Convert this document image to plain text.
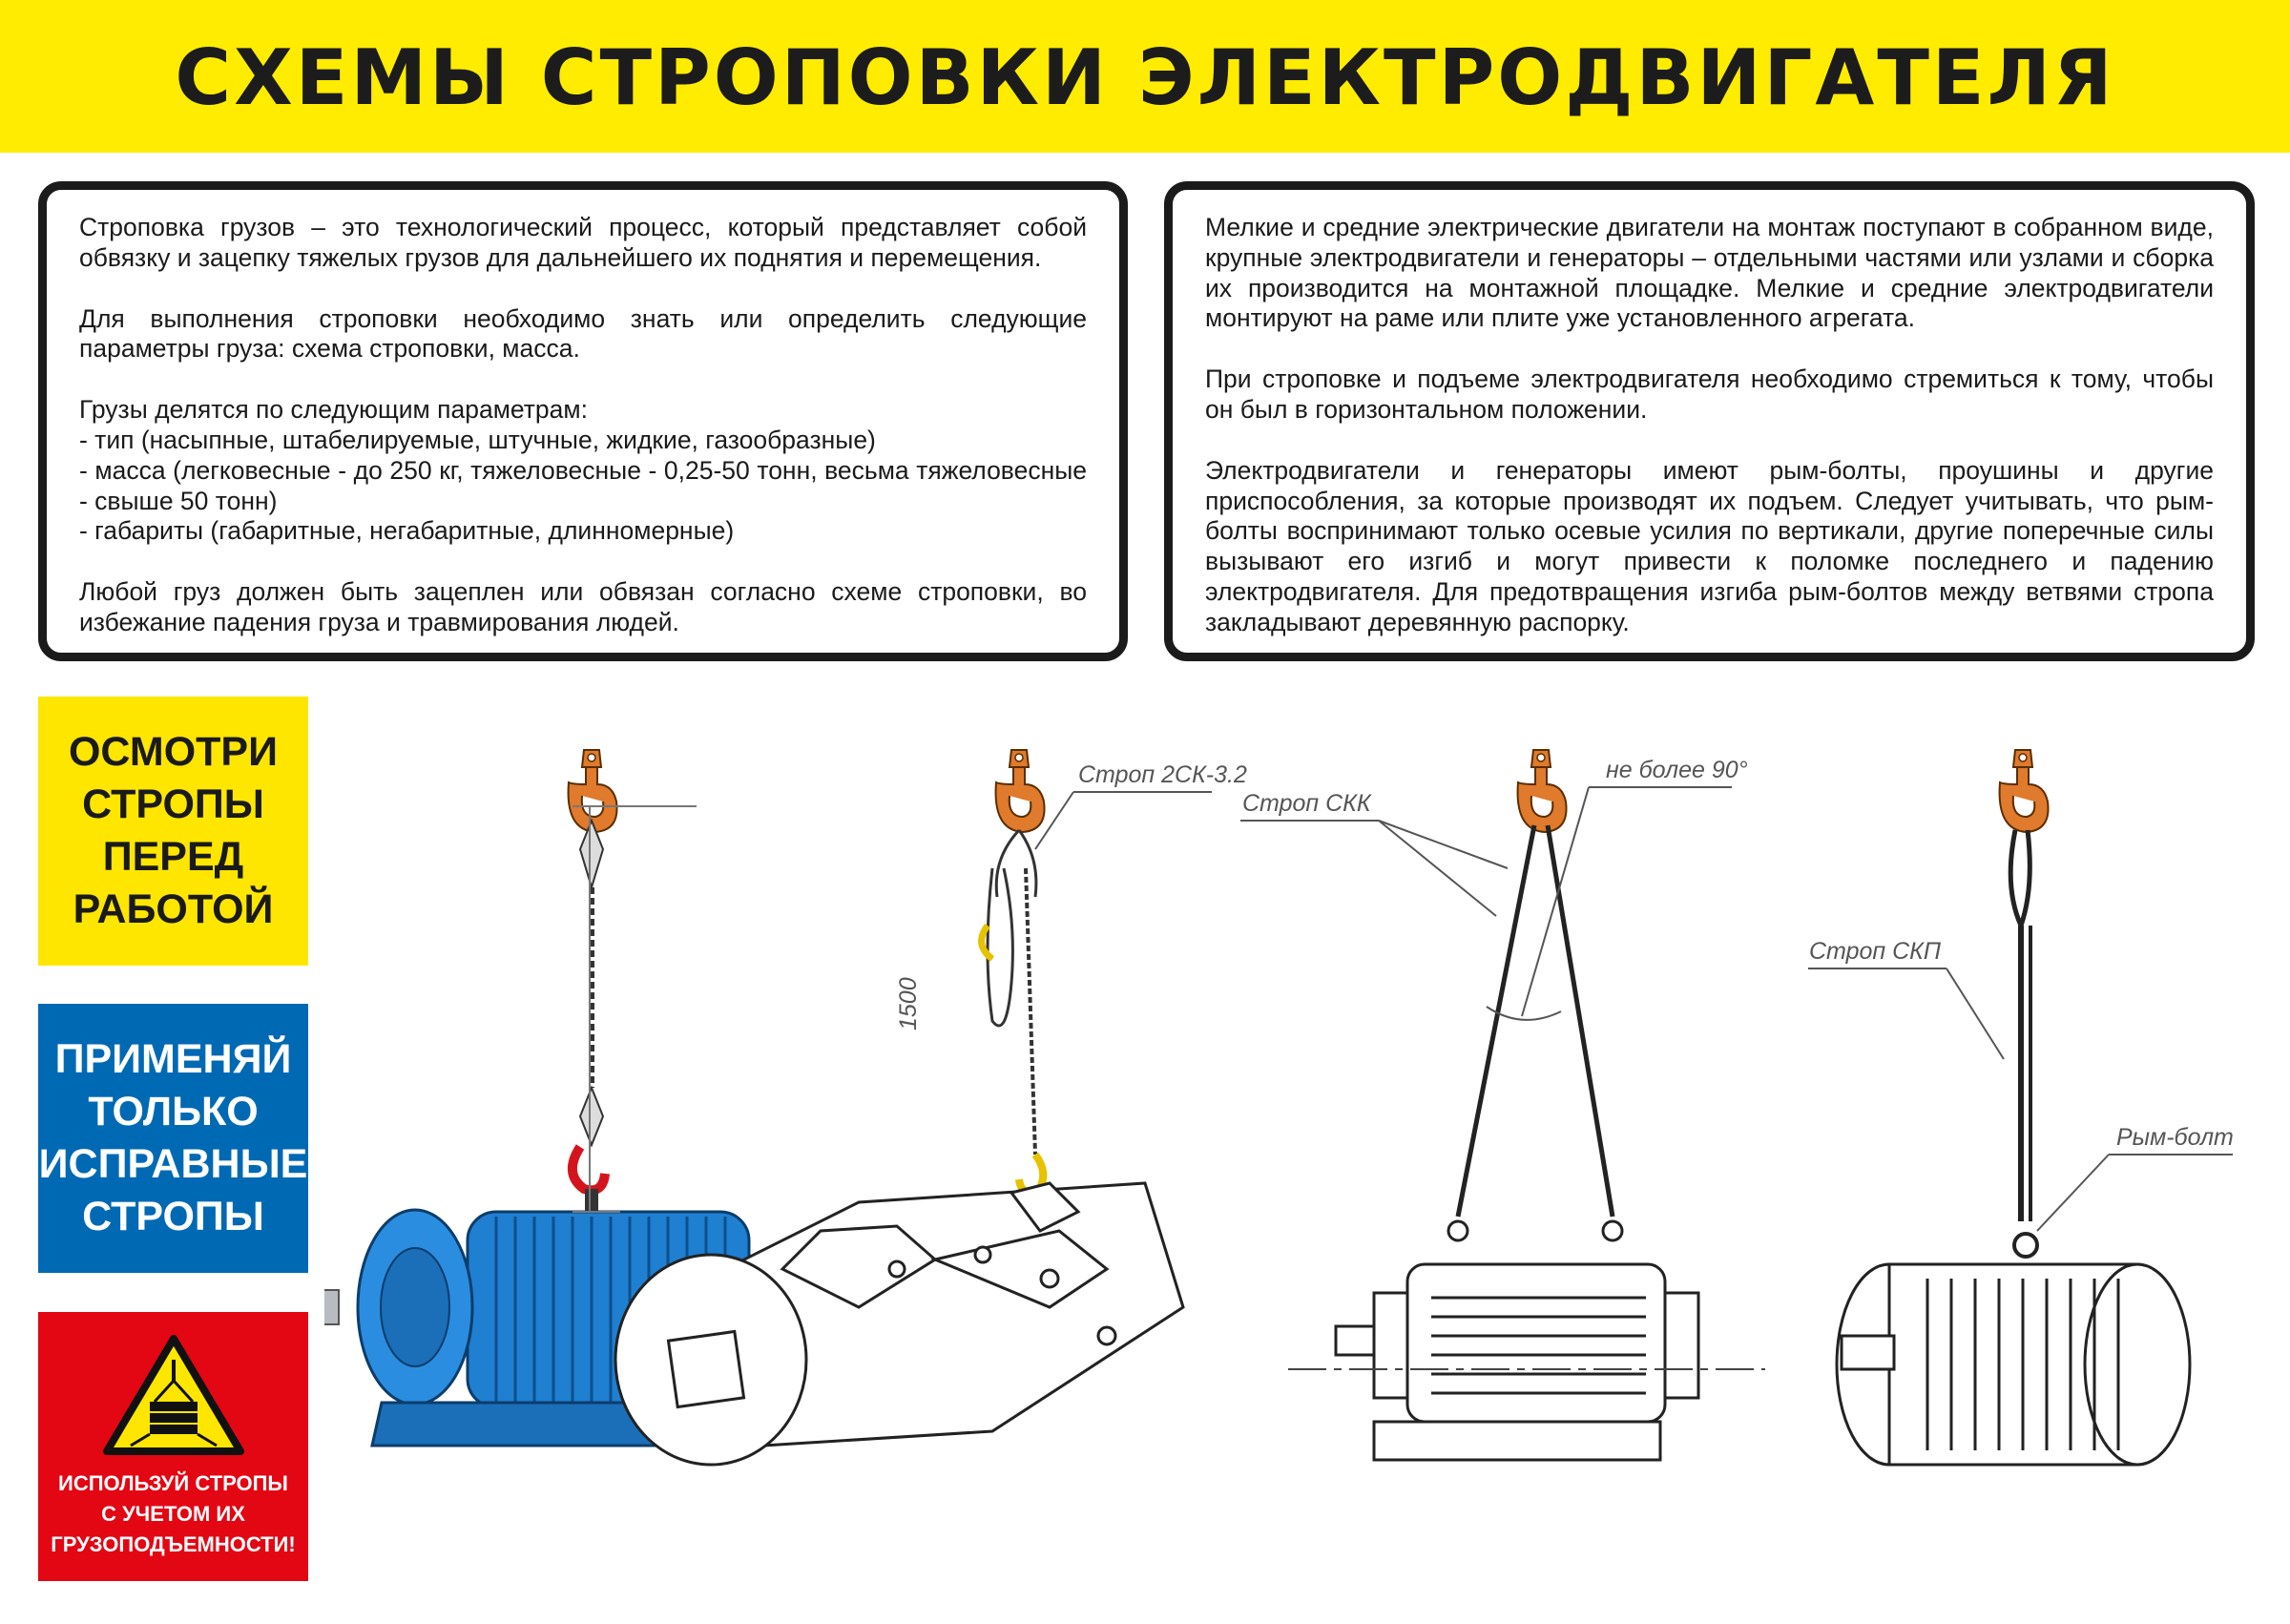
СХЕМЫ СТРОПОВКИ ЭЛЕКТРОДВИГАТЕЛЯ

Строповка грузов – это технологический процесс, который представляет собой обвязку и зацепку тяжелых грузов для дальнейшего их поднятия и перемещения.

Для выполнения строповки необходимо знать или определить следующие параметры груза: схема строповки, масса.

Грузы делятся по следующим параметрам:

- тип (насыпные, штабелируемые, штучные, жидкие, газообразные)

- масса (легковесные - до 250 кг, тяжеловесные - 0,25-50 тонн, весьма тяжеловесные - свыше 50 тонн)

- габариты (габаритные, негабаритные, длинномерные)

Любой груз должен быть зацеплен или обвязан согласно схеме строповки, во избежание падения груза и травмирования людей.

Мелкие и средние электрические двигатели на монтаж поступают в собранном виде, крупные электродвигатели и генераторы – отдельными частями или узлами и сборка их производится на монтажной площадке. Мелкие и средние электродвигатели монтируют на раме или плите уже установленного агрегата.

При строповке и подъеме электродвигателя необходимо стремиться к тому, чтобы он был в горизонтальном положении.

Электродвигатели и генераторы имеют рым-болты, проушины и другие приспособления, за которые производят их подъем. Следует учитывать, что рым-болты воспринимают только осевые усилия по вертикали, другие поперечные силы вызывают его изгиб и могут привести к поломке последнего и падению электродвигателя. Для предотвращения изгиба рым-болтов между ветвями стропа закладывают деревянную распорку.

ОСМОТРИ
СТРОПЫ
ПЕРЕД
РАБОТОЙ
ПРИМЕНЯЙ
ТОЛЬКО
ИСПРАВНЫЕ
СТРОПЫ
ИСПОЛЬЗУЙ СТРОПЫ
С УЧЕТОМ ИХ
ГРУЗОПОДЪЕМНОСТИ!
1500
Строп 2СК-3.2	не более 90°
Строп СКК
Строп СКП
Рым-болт
